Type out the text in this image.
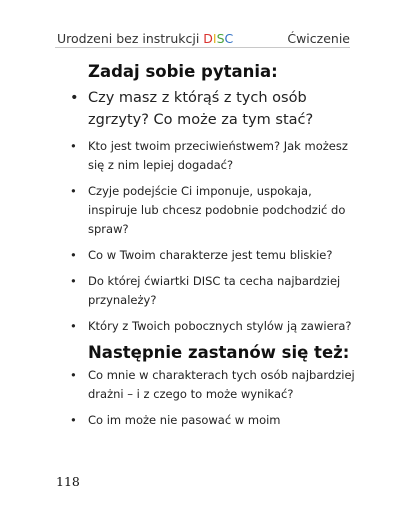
Urodzeni bez instrukcji DISC	Ćwiczenie
Zadaj sobie pytania:
• Czy masz z którąś z tych osób zgrzyty? Co może za tym stać?
• Kto jest twoim przeciwieństwem? Jak możesz się z nim lepiej dogadać?
• Czyje podejście Ci imponuje, uspokaja, inspiruje lub chcesz podobnie podchodzić do spraw?
• Co w Twoim charakterze jest temu bliskie?
• Do której ćwiartki DISC ta cecha najbardziej przynależy?
• Który z Twoich pobocznych stylów ją zawiera?
Następnie zastanów się też:
• Co mnie w charakterach tych osób najbardziej drażni – i z czego to może wynikać?
• Co im może nie pasować w moim
118
